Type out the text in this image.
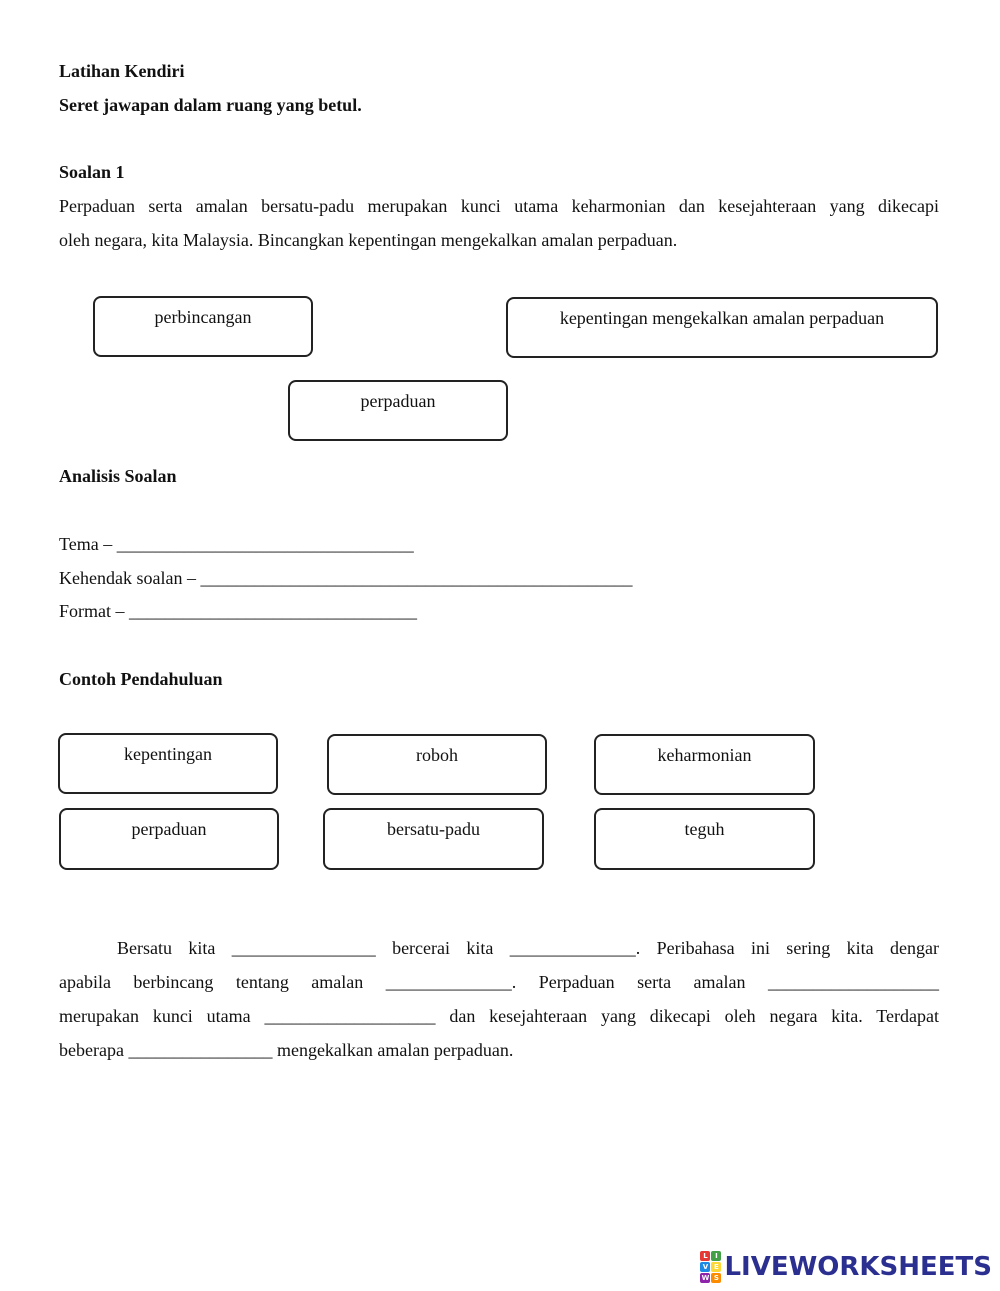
Latihan Kendiri
Seret jawapan dalam ruang yang betul.
Soalan 1
Perpaduan serta amalan bersatu-padu merupakan kunci utama keharmonian dan kesejahteraan yang dikecapi
oleh negara, kita Malaysia. Bincangkan kepentingan mengekalkan amalan perpaduan.
perbincangan	kepentingan mengekalkan amalan perpaduan
perpaduan
Analisis Soalan
Tema – _________________________________
Kehendak soalan – ________________________________________________
Format – ________________________________
Contoh Pendahuluan
kepentingan	roboh	keharmonian
perpaduan	bersatu-padu	teguh
Bersatu kita ________________ bercerai kita ______________. Peribahasa ini sering kita dengar
apabila berbincang tentang amalan ______________. Perpaduan serta amalan ___________________
merupakan kunci utama ___________________ dan kesejahteraan yang dikecapi oleh negara kita. Terdapat
beberapa ________________ mengekalkan amalan perpaduan.
L	I
V E
W S LIVEWORKSHEETS
